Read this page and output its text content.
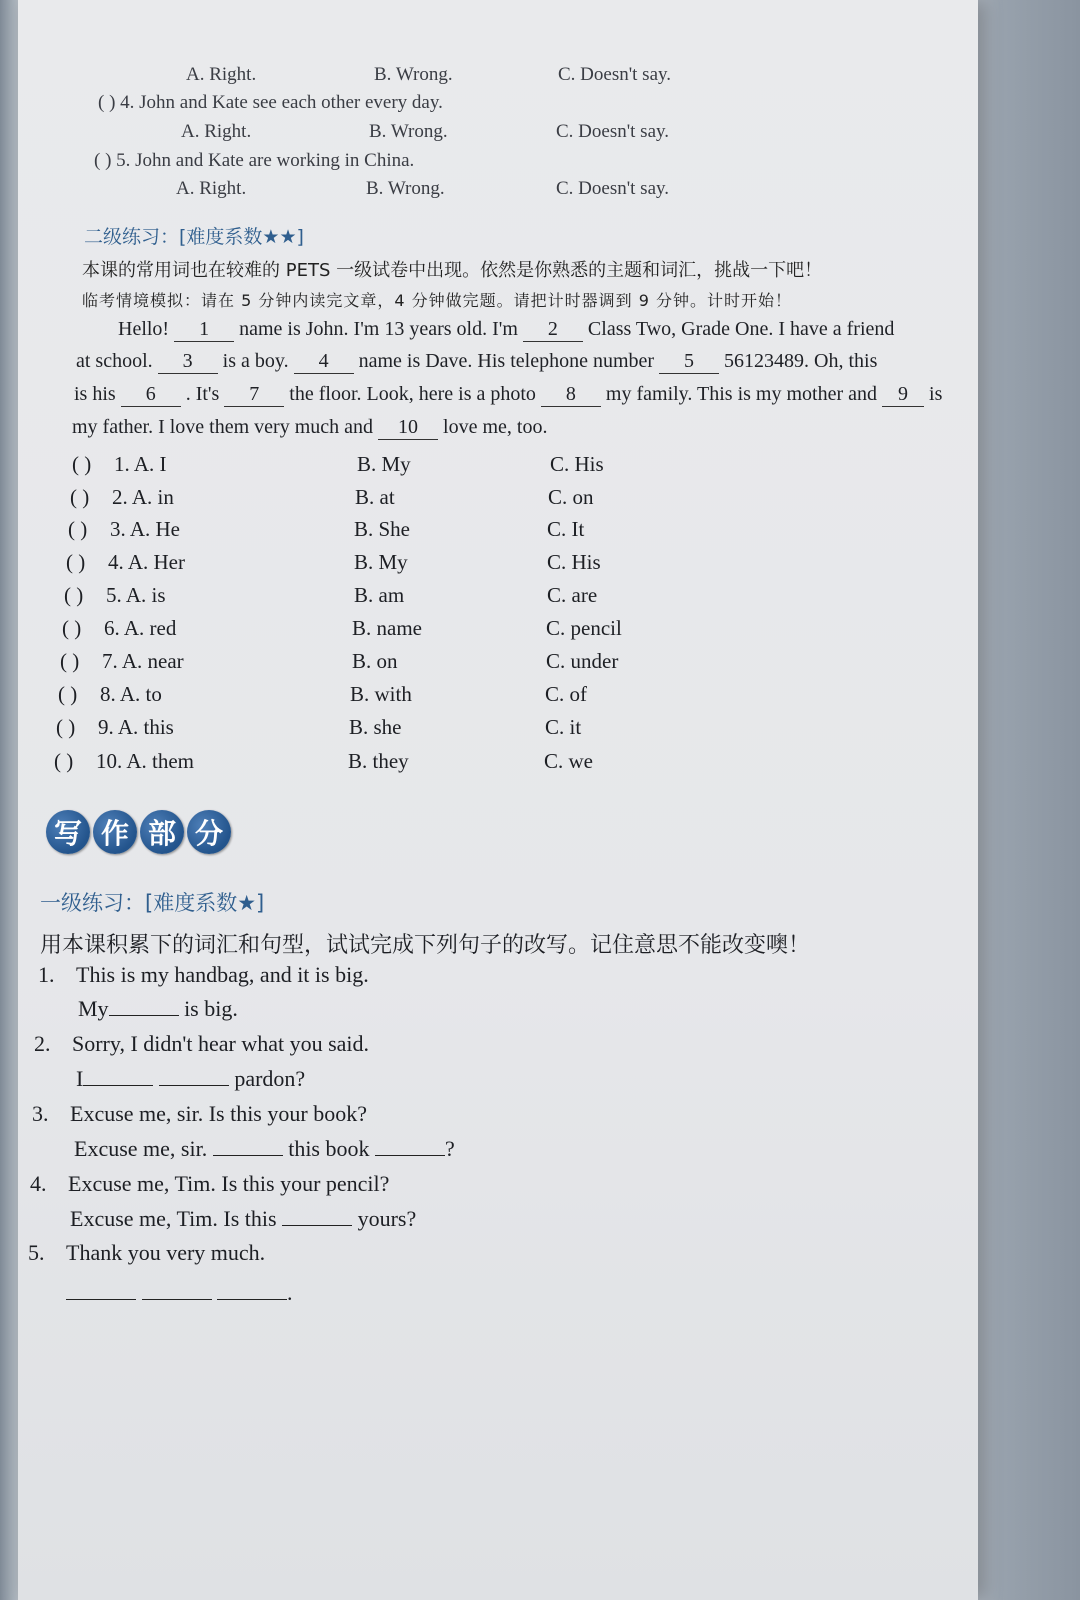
A. Right.	B. Wrong.	C. Doesn't say.
( ) 4. John and Kate see each other every day.
A. Right.	B. Wrong.	C. Doesn't say.
( ) 5. John and Kate are working in China.
A. Right.	B. Wrong.	C. Doesn't say.
二级练习：[难度系数★★]
本课的常用词也在较难的 PETS 一级试卷中出现。依然是你熟悉的主题和词汇，挑战一下吧！
临考情境模拟：请在 5 分钟内读完文章，4 分钟做完题。请把计时器调到 9 分钟。计时开始！
Hello! 1 name is John. I'm 13 years old. I'm 2 Class Two, Grade One. I have a friend
at school. 3 is a boy. 4 name is Dave. His telephone number 5 56123489. Oh, this
is his 6 . It's 7 the floor. Look, here is a photo 8 my family. This is my mother and 9 is
my father. I love them very much and 10 love me, too.
( ) 1. A. I	B. My	C. His
( ) 2. A. in	B. at	C. on
( ) 3. A. He	B. She	C. It
( ) 4. A. Her	B. My	C. His
( ) 5. A. is	B. am	C. are
( ) 6. A. red	B. name	C. pencil
( ) 7. A. near	B. on	C. under
( ) 8. A. to	B. with	C. of
( ) 9. A. this	B. she	C. it
( ) 10. A. them	B. they	C. we
写 作 部 分
一级练习：[难度系数★]
用本课积累下的词汇和句型，试试完成下列句子的改写。记住意思不能改变噢！
1. This is my handbag, and it is big.
My	is big.
2. Sorry, I didn't hear what you said.
I	pardon?
3. Excuse me, sir. Is this your book?
Excuse me, sir.	this book	?
4. Excuse me, Tim. Is this your pencil?
Excuse me, Tim. Is this	yours?
5. Thank you very much.
.
